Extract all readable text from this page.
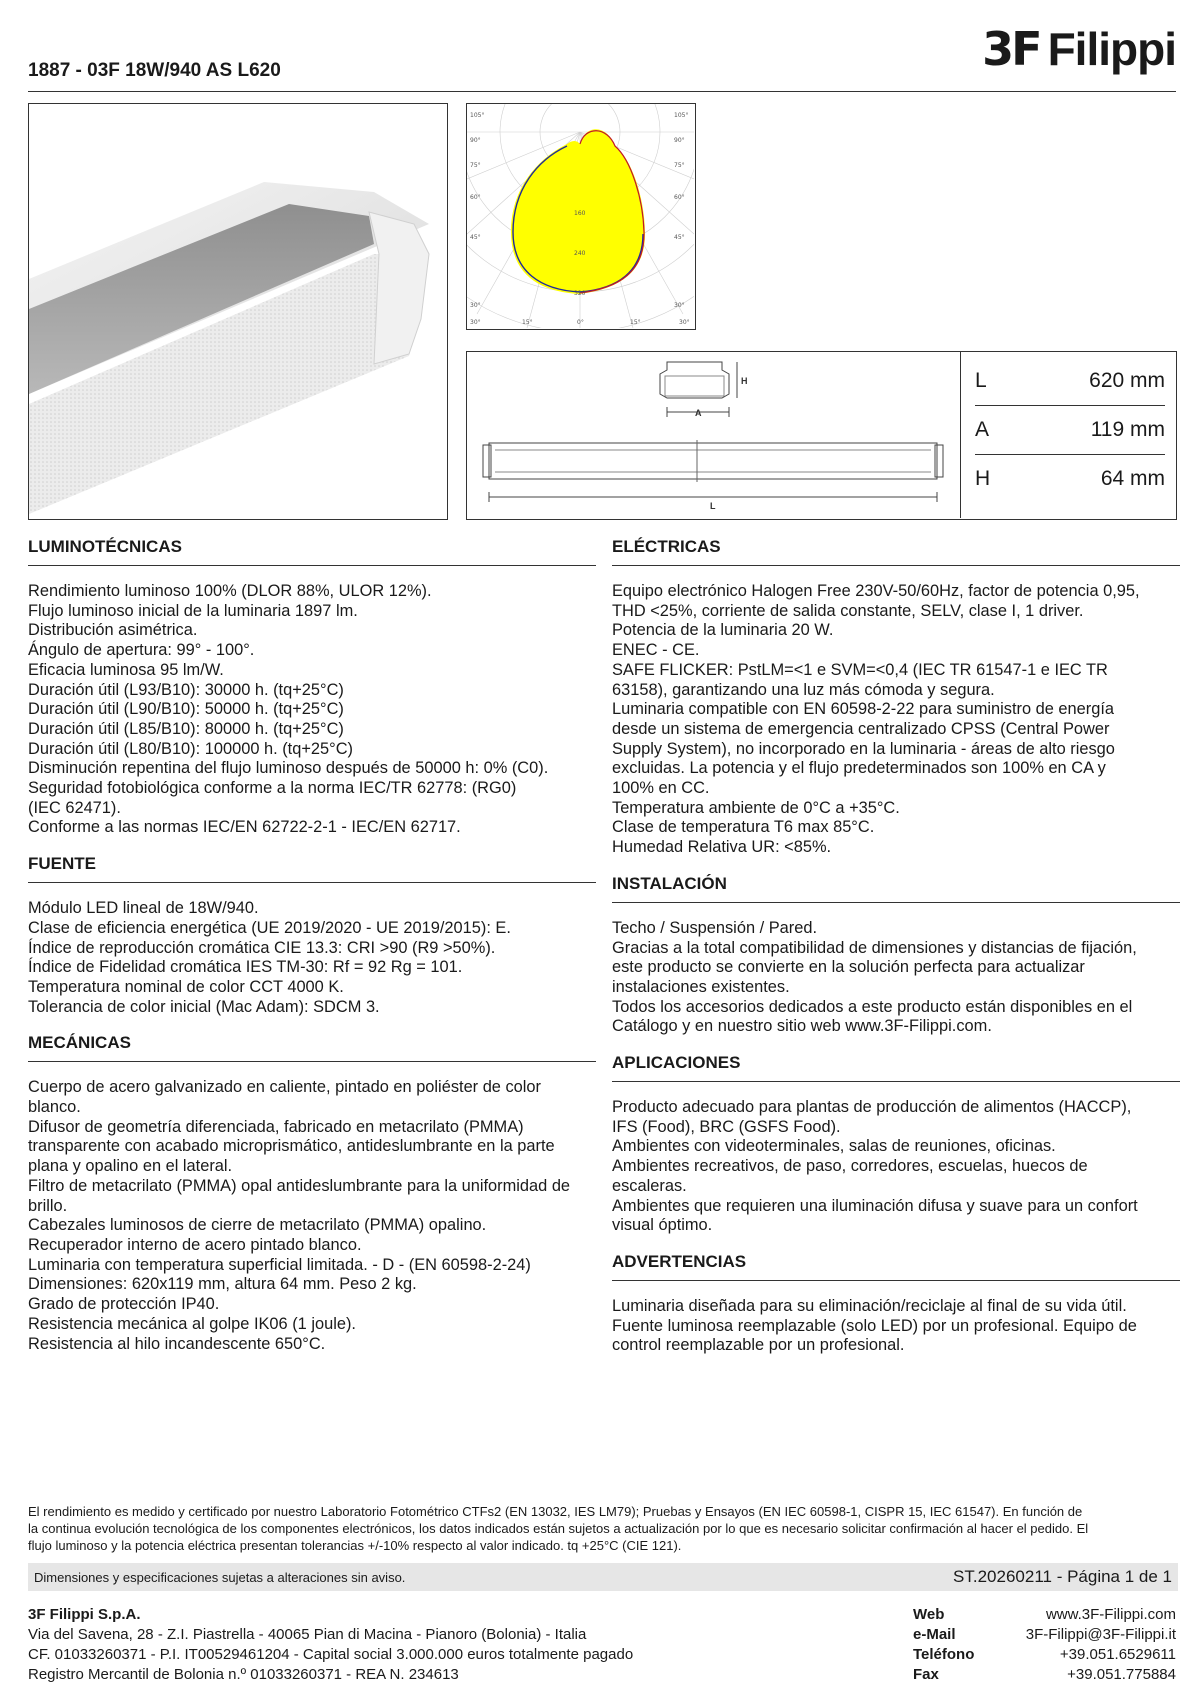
1887 - 03F 18W/940 AS L620	3F Filippi
105°
90°
75°
60°
45°
30°
105°
90°
75°
60°
45°
30°
30°	15°	0°	15°	30°
160
240
320
H
A
L
L	620 mm
A	119 mm
H	64 mm
LUMINOTÉCNICAS

Rendimiento luminoso 100% (DLOR 88%, ULOR 12%).

Flujo luminoso inicial de la luminaria 1897 lm.

Distribución asimétrica.

Ángulo de apertura: 99° - 100°.

Eficacia luminosa 95 lm/W.

Duración útil (L93/B10): 30000 h. (tq+25°C)

Duración útil (L90/B10): 50000 h. (tq+25°C)

Duración útil (L85/B10): 80000 h. (tq+25°C)

Duración útil (L80/B10): 100000 h. (tq+25°C)

Disminución repentina del flujo luminoso después de 50000 h: 0% (C0).

Seguridad fotobiológica conforme a la norma IEC/TR 62778: (RG0)

(IEC 62471).

Conforme a las normas IEC/EN 62722-2-1 - IEC/EN 62717.

FUENTE

Módulo LED lineal de 18W/940.

Clase de eficiencia energética (UE 2019/2020 - UE 2019/2015): E.

Índice de reproducción cromática CIE 13.3: CRI >90 (R9 >50%).

Índice de Fidelidad cromática IES TM-30: Rf = 92 Rg = 101.

Temperatura nominal de color CCT 4000 K.

Tolerancia de color inicial (Mac Adam): SDCM 3.

MECÁNICAS

Cuerpo de acero galvanizado en caliente, pintado en poliéster de color

blanco.

Difusor de geometría diferenciada, fabricado en metacrilato (PMMA)

transparente con acabado microprismático, antideslumbrante en la parte

plana y opalino en el lateral.

Filtro de metacrilato (PMMA) opal antideslumbrante para la uniformidad de

brillo.

Cabezales luminosos de cierre de metacrilato (PMMA) opalino.

Recuperador interno de acero pintado blanco.

Luminaria con temperatura superficial limitada. - D - (EN 60598-2-24)

Dimensiones: 620x119 mm, altura 64 mm. Peso 2 kg.

Grado de protección IP40.

Resistencia mecánica al golpe IK06 (1 joule).

Resistencia al hilo incandescente 650°C.

ELÉCTRICAS

Equipo electrónico Halogen Free 230V-50/60Hz, factor de potencia 0,95,

THD <25%, corriente de salida constante, SELV, clase I, 1 driver.

Potencia de la luminaria 20 W.

ENEC - CE.

SAFE FLICKER: PstLM=<1 e SVM=<0,4 (IEC TR 61547-1 e IEC TR

63158), garantizando una luz más cómoda y segura.

Luminaria compatible con EN 60598-2-22 para suministro de energía

desde un sistema de emergencia centralizado CPSS (Central Power

Supply System), no incorporado en la luminaria - áreas de alto riesgo

excluidas. La potencia y el flujo predeterminados son 100% en CA y

100% en CC.

Temperatura ambiente de 0°C a +35°C.

Clase de temperatura T6 max 85°C.

Humedad Relativa UR: <85%.

INSTALACIÓN

Techo / Suspensión / Pared.

Gracias a la total compatibilidad de dimensiones y distancias de fijación,

este producto se convierte en la solución perfecta para actualizar

instalaciones existentes.

Todos los accesorios dedicados a este producto están disponibles en el

Catálogo y en nuestro sitio web www.3F-Filippi.com.

APLICACIONES

Producto adecuado para plantas de producción de alimentos (HACCP),

IFS (Food), BRC (GSFS Food).

Ambientes con videoterminales, salas de reuniones, oficinas.

Ambientes recreativos, de paso, corredores, escuelas, huecos de

escaleras.

Ambientes que requieren una iluminación difusa y suave para un confort

visual óptimo.

ADVERTENCIAS

Luminaria diseñada para su eliminación/reciclaje al final de su vida útil.

Fuente luminosa reemplazable (solo LED) por un profesional. Equipo de

control reemplazable por un profesional.

El rendimiento es medido y certificado por nuestro Laboratorio Fotométrico CTFs2 (EN 13032, IES LM79); Pruebas y Ensayos (EN IEC 60598-1, CISPR 15, IEC 61547). En función de
la continua evolución tecnológica de los componentes electrónicos, los datos indicados están sujetos a actualización por lo que es necesario solicitar confirmación al hacer el pedido. El
flujo luminoso y la potencia eléctrica presentan tolerancias +/-10% respecto al valor indicado. tq +25°C (CIE 121).
Dimensiones y especificaciones sujetas a alteraciones sin aviso.	ST.20260211 - Página 1 de 1
3F Filippi S.p.A.
Via del Savena, 28 - Z.I. Piastrella - 40065 Pian di Macina - Pianoro (Bolonia) - Italia
CF. 01033260371 - P.I. IT00529461204 - Capital social 3.000.000 euros totalmente pagado
Registro Mercantil de Bolonia n.º 01033260371 - REA N. 234613
Web	www.3F-Filippi.com
e-Mail	3F-Filippi@3F-Filippi.it
Teléfono	+39.051.6529611
Fax	+39.051.775884
